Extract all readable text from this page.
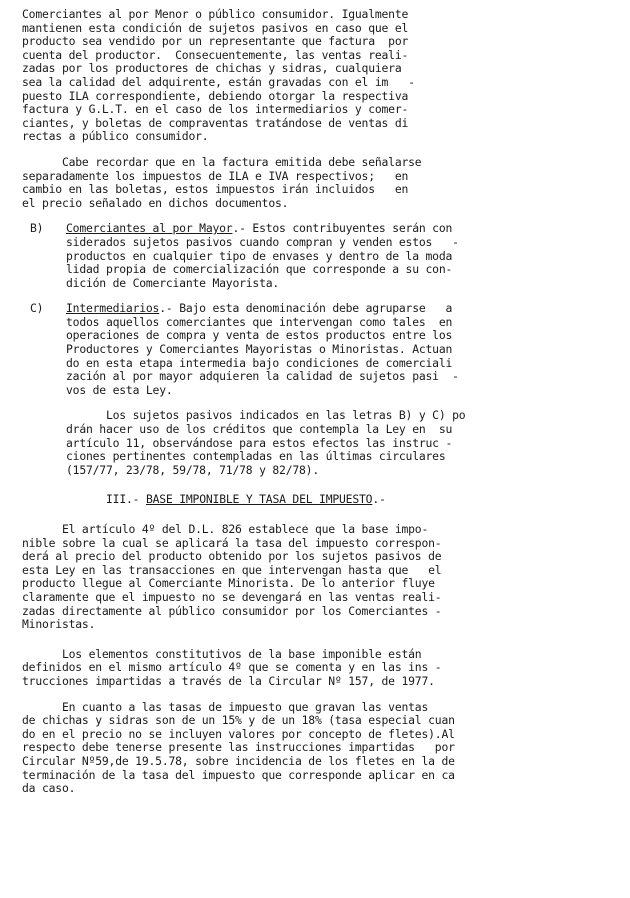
Comerciantes al por Menor o público consumidor. Igualmente

mantienen esta condición de sujetos pasivos en caso que el

producto sea vendido por un representante que factura  por

cuenta del productor.  Consecuentemente, las ventas reali-

zadas por los productores de chichas y sidras, cualquiera

sea la calidad del adquirente, están gravadas con el im   -

puesto ILA correspondiente, debiendo otorgar la respectiva

factura y G.L.T. en el caso de los intermediarios y comer-

ciantes, y boletas de compraventas tratándose de ventas di

rectas a público consumidor.

Cabe recordar que en la factura emitida debe señalarse

separadamente los impuestos de ILA e IVA respectivos;   en

cambio en las boletas, estos impuestos irán incluidos   en

el precio señalado en dichos documentos.

B) Comerciantes al por Mayor.- Estos contribuyentes serán con

siderados sujetos pasivos cuando compran y venden estos   -

productos en cualquier tipo de envases y dentro de la moda

lidad propia de comercialización que corresponde a su con-

dición de Comerciante Mayorista.

C) Intermediarios.- Bajo esta denominación debe agruparse   a

todos aquellos comerciantes que intervengan como tales  en

operaciones de compra y venta de estos productos entre los

Productores y Comerciantes Mayoristas o Minoristas. Actuan

do en esta etapa intermedia bajo condiciones de comerciali

zación al por mayor adquieren la calidad de sujetos pasi  -

vos de esta Ley.

Los sujetos pasivos indicados en las letras B) y C) po

drán hacer uso de los créditos que contempla la Ley en  su

artículo 11, observándose para estos efectos las instruc -

ciones pertinentes contempladas en las últimas circulares

(157/77, 23/78, 59/78, 71/78 y 82/78).

III.- BASE IMPONIBLE Y TASA DEL IMPUESTO.-

El artículo 4º del D.L. 826 establece que la base impo-

nible sobre la cual se aplicará la tasa del impuesto correspon-

derá al precio del producto obtenido por los sujetos pasivos de

esta Ley en las transacciones en que intervengan hasta que   el

producto llegue al Comerciante Minorista. De lo anterior fluye

claramente que el impuesto no se devengará en las ventas reali-

zadas directamente al público consumidor por los Comerciantes -

Minoristas.

Los elementos constitutivos de la base imponible están

definidos en el mismo artículo 4º que se comenta y en las ins -

trucciones impartidas a través de la Circular Nº 157, de 1977.

En cuanto a las tasas de impuesto que gravan las ventas

de chichas y sidras son de un 15% y de un 18% (tasa especial cuan

do en el precio no se incluyen valores por concepto de fletes).Al

respecto debe tenerse presente las instrucciones impartidas   por

Circular Nº59,de 19.5.78, sobre incidencia de los fletes en la de

terminación de la tasa del impuesto que corresponde aplicar en ca

da caso.
